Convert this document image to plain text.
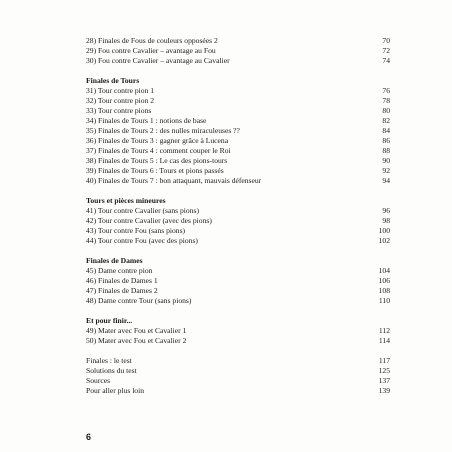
28) Finales de Fous de couleurs opposées 2	70
29) Fou contre Cavalier – avantage au Fou	72
30) Fou contre Cavalier – avantage au Cavalier	74
Finales de Tours
31) Tour contre pion 1	76
32) Tour contre pion 2	78
33) Tour contre pions	80
34) Finales de Tours 1 : notions de base	82
35) Finales de Tours 2 : des nulles miraculeuses ??	84
36) Finales de Tours 3 : gagner grâce à Lucena	86
37) Finales de Tours 4 : comment couper le Roi	88
38) Finales de Tours 5 : Le cas des pions-tours	90
39) Finales de Tours 6 : Tours et pions passés	92
40) Finales de Tours 7 : bon attaquant, mauvais défenseur	94
Tours et pièces mineures
41) Tour contre Cavalier (sans pions)	96
42) Tour contre Cavalier (avec des pions)	98
43) Tour contre Fou (sans pions)	100
44) Tour contre Fou (avec des pions)	102
Finales de Dames
45) Dame contre pion	104
46) Finales de Dames 1	106
47) Finales de Dames 2	108
48) Dame contre Tour (sans pions)	110
Et pour finir...
49) Mater avec Fou et Cavalier 1	112
50) Mater avec Fou et Cavalier 2	114
Finales : le test	117
Solutions du test	125
Sources	137
Pour aller plus loin	139
6
